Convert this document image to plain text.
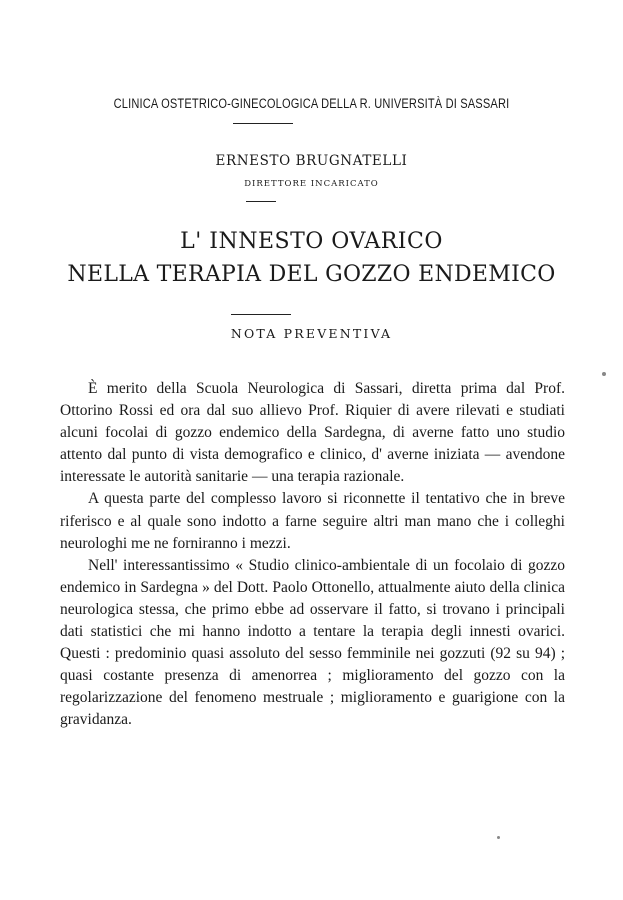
CLINICA OSTETRICO-GINECOLOGICA DELLA R. UNIVERSITÀ DI SASSARI
ERNESTO BRUGNATELLI
DIRETTORE INCARICATO
L' INNESTO OVARICO
NELLA TERAPIA DEL GOZZO ENDEMICO
NOTA PREVENTIVA

È merito della Scuola Neurologica di Sassari, diretta prima dal Prof. Ottorino Rossi ed ora dal suo allievo Prof. Riquier di avere rilevati e studiati alcuni focolai di gozzo endemico della Sardegna, di averne fatto uno studio attento dal punto di vista demografico e clinico, d' averne iniziata — avendone interessate le autorità sanitarie — una terapia razionale.

A questa parte del complesso lavoro si riconnette il tentativo che in breve riferisco e al quale sono indotto a farne seguire altri man mano che i colleghi neurologhi me ne forniranno i mezzi.

Nell' interessantissimo « Studio clinico-ambientale di un focolaio di gozzo endemico in Sardegna » del Dott. Paolo Ottonello, attualmente aiuto della clinica neurologica stessa, che primo ebbe ad osservare il fatto, si trovano i principali dati statistici che mi hanno indotto a tentare la terapia degli innesti ovarici. Questi : predominio quasi assoluto del sesso femminile nei gozzuti (92 su 94) ; quasi costante presenza di amenorrea ; miglioramento del gozzo con la regolarizzazione del fenomeno mestruale ; miglioramento e guarigione con la gravidanza.
